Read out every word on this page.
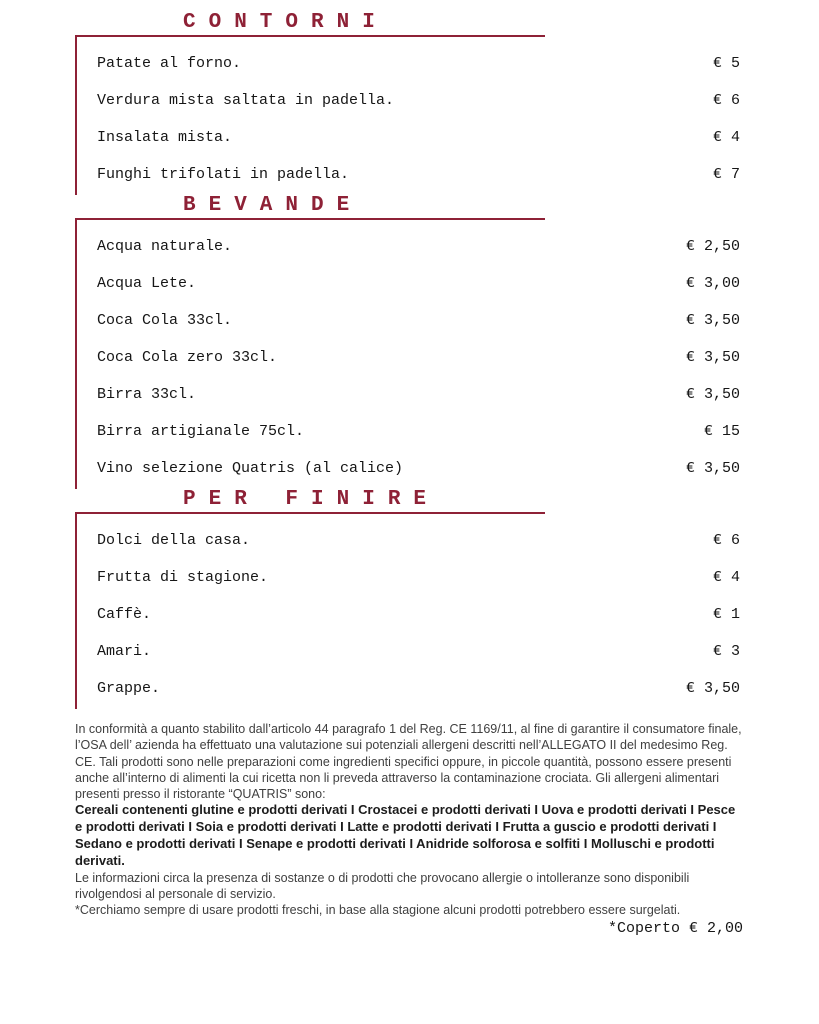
CONTORNI
Patate al forno.	€ 5
Verdura mista saltata in padella.	€ 6
Insalata mista.	€ 4
Funghi trifolati in padella.	€ 7
BEVANDE
Acqua naturale.	€ 2,50
Acqua Lete.	€ 3,00
Coca Cola 33cl.	€ 3,50
Coca Cola zero 33cl.	€ 3,50
Birra 33cl.	€ 3,50
Birra artigianale 75cl.	€ 15
Vino selezione Quatris (al calice)	€ 3,50
PER FINIRE
Dolci della casa.	€ 6
Frutta di stagione.	€ 4
Caffè.	€ 1
Amari.	€ 3
Grappe.	€ 3,50

In conformità a quanto stabilito dall’articolo 44 paragrafo 1 del Reg. CE 1169/11, al fine di garantire il consumatore finale, l’OSA dell’ azienda ha effettuato una valutazione sui potenziali allergeni descritti nell’ALLEGATO II del medesimo Reg. CE. Tali prodotti sono nelle preparazioni come ingredienti specifici oppure, in piccole quantità, possono essere presenti anche all’interno di alimenti la cui ricetta non li preveda attraverso la contaminazione crociata. Gli allergeni alimentari presenti presso il ristorante “QUATRIS” sono:

Cereali contenenti glutine e prodotti derivati I Crostacei e prodotti derivati I Uova e prodotti derivati I Pesce e prodotti derivati I Soia e prodotti derivati I Latte e prodotti derivati I Frutta a guscio e prodotti derivati I Sedano e prodotti derivati I Senape e prodotti derivati I Anidride solforosa e solfiti I Molluschi e prodotti derivati.

Le informazioni circa la presenza di sostanze o di prodotti che provocano allergie o intolleranze sono disponibili rivolgendosi al personale di servizio.

*Cerchiamo sempre di usare prodotti freschi, in base alla stagione alcuni prodotti potrebbero essere surgelati.

*Coperto € 2,00
